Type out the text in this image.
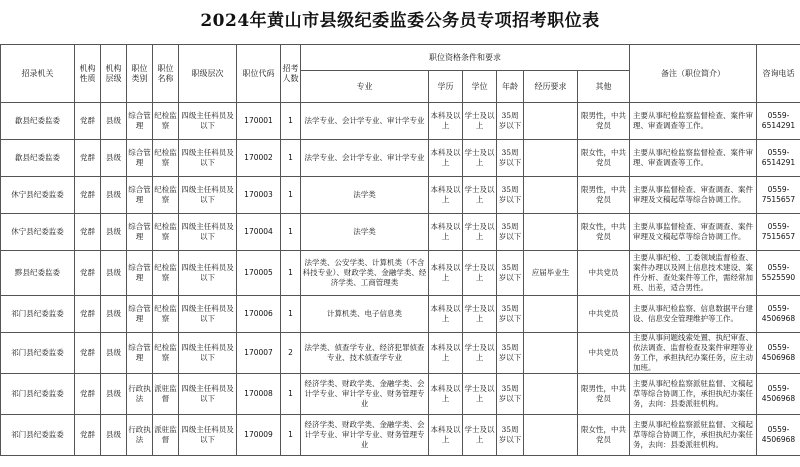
2024年黄山市县级纪委监委公务员专项招考职位表
招录机关	机构性质	机构层级	职位类别	职位名称	职级层次	职位代码	招考人数	职位资格条件和要求						备注（职位简介）	咨询电话
								专业	学历	学位	年龄	经历要求	其他		
歙县纪委监委	党群	县级	综合管理	纪检监察	四级主任科员及以下	170001	1	法学专业、会计学专业、审计学专业	本科及以上	学士及以上	35周岁以下		限男性，中共党员	主要从事纪检监察监督检查、案件审理、审查调查等工作。	0559-6514291
歙县纪委监委	党群	县级	综合管理	纪检监察	四级主任科员及以下	170002	1	法学专业、会计学专业、审计学专业	本科及以上	学士及以上	35周岁以下		限女性，中共党员	主要从事纪检监察监督检查、案件审理、审查调查等工作。	0559-6514291
休宁县纪委监委	党群	县级	综合管理	纪检监察	四级主任科员及以下	170003	1	法学类	本科及以上	学士及以上	35周岁以下		限男性，中共党员	主要从事监督检查、审查调查、案件审理及文稿起草等综合协调工作。	0559-7515657
休宁县纪委监委	党群	县级	综合管理	纪检监察	四级主任科员及以下	170004	1	法学类	本科及以上	学士及以上	35周岁以下		限女性，中共党员	主要从事监督检查、审查调查、案件审理及文稿起草等综合协调工作。	0559-7515657
黟县纪委监委	党群	县级	综合管理	纪检监察	四级主任科员及以下	170005	1	法学类、公安学类、计算机类（不含科技专业）、财政学类、金融学类、经济学类、工商管理类	本科及以上	学士及以上	35周岁以下	应届毕业生	中共党员	主要从事纪检、工委领域监督检查、案件办理以及网上信息技术建设、案件分析、查处案件等工作，需经常加班、出差，适合男性。	0559-5525590
祁门县纪委监委	党群	县级	综合管理	纪检监察	四级主任科员及以下	170006	1	计算机类、电子信息类	本科及以上	学士及以上	35周岁以下		中共党员	主要从事纪检监察、信息数据平台建设、信息安全管理维护等工作。	0559-4506968
祁门县纪委监委	党群	县级	综合管理	纪检监察	四级主任科员及以下	170007	2	法学类、侦查学专业、经济犯罪侦查专业、技术侦查学专业	本科及以上	学士及以上	35周岁以下		中共党员	主要从事问题线索处置、执纪审查、依法调查、监督检查及案件审理等业务工作，承担执纪办案任务，应主动加班。	0559-4506968
祁门县纪委监委	党群	县级	行政执法	派驻监督	四级主任科员及以下	170008	1	经济学类、财政学类、金融学类、会计学专业、审计学专业、财务管理专业	本科及以上	学士及以上	35周岁以下		限男性，中共党员	主要从事纪检监察派驻监督、文稿起草等综合协调工作，承担执纪办案任务，去向：县委派驻机构。	0559-4506968
祁门县纪委监委	党群	县级	行政执法	派驻监督	四级主任科员及以下	170009	1	经济学类、财政学类、金融学类、会计学专业、审计学专业、财务管理专业	本科及以上	学士及以上	35周岁以下		限女性，中共党员	主要从事纪检监察派驻监督、文稿起草等综合协调工作，承担执纪办案任务，去向：县委派驻机构。	0559-4506968
